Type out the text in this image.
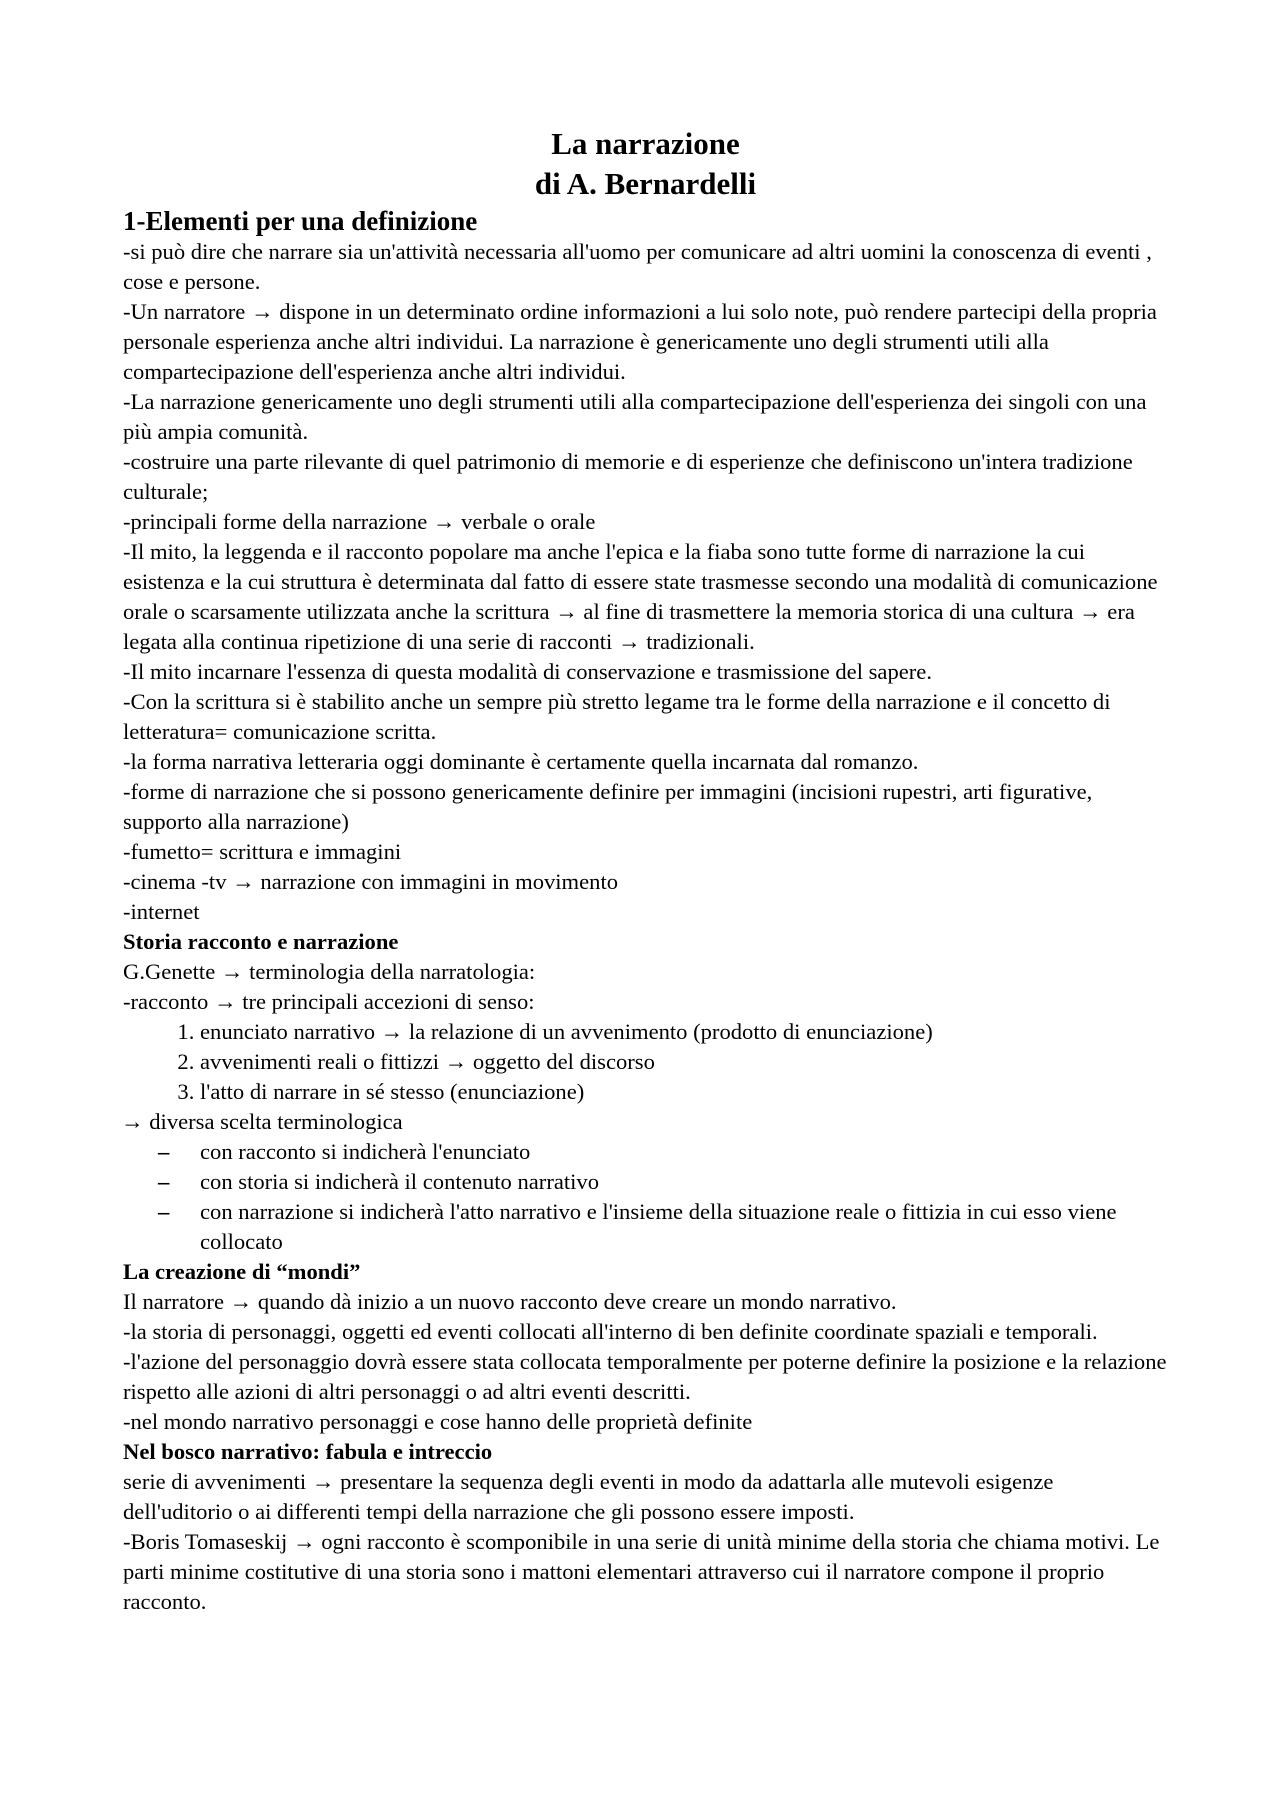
La narrazione
di A. Bernardelli
1-Elementi per una definizione

-si può dire che narrare sia un'attività necessaria all'uomo per comunicare ad altri uomini la conoscenza di eventi , cose e persone.

-Un narratore → dispone in un determinato ordine informazioni a lui solo note, può rendere partecipi della propria personale esperienza anche altri individui. La narrazione è genericamente uno degli strumenti utili alla compartecipazione dell'esperienza anche altri individui.

-La narrazione genericamente uno degli strumenti utili alla compartecipazione dell'esperienza dei singoli con una più ampia comunità.

-costruire una parte rilevante di quel patrimonio di memorie e di esperienze che definiscono un'intera tradizione culturale;

-principali forme della narrazione → verbale o orale

-Il mito, la leggenda e il racconto popolare ma anche l'epica e la fiaba sono tutte forme di narrazione la cui esistenza e la cui struttura è determinata dal fatto di essere state trasmesse secondo una modalità di comunicazione orale o scarsamente utilizzata anche la scrittura → al fine di trasmettere la memoria storica di una cultura → era legata alla continua ripetizione di una serie di racconti → tradizionali.

-Il mito incarnare l'essenza di questa modalità di conservazione e trasmissione del sapere.

-Con la scrittura si è stabilito anche un sempre più stretto legame tra le forme della narrazione e il concetto di letteratura= comunicazione scritta.

-la forma narrativa letteraria oggi dominante è certamente quella incarnata dal romanzo.

-forme di narrazione che si possono genericamente definire per immagini (incisioni rupestri, arti figurative, supporto alla narrazione)

-fumetto= scrittura e immagini

-cinema -tv → narrazione con immagini in movimento

-internet

Storia racconto e narrazione

G.Genette → terminologia della narratologia:

-racconto → tre principali accezioni di senso:

1. enunciato narrativo → la relazione di un avvenimento (prodotto di enunciazione)
2. avvenimenti reali o fittizzi → oggetto del discorso
3. l'atto di narrare in sé stesso (enunciazione)

→ diversa scelta terminologica

– con racconto si indicherà l'enunciato
– con storia si indicherà il contenuto narrativo
– con narrazione si indicherà l'atto narrativo e l'insieme della situazione reale o fittizia in cui esso viene collocato
La creazione di “mondi”

Il narratore → quando dà inizio a un nuovo racconto deve creare un mondo narrativo.

-la storia di personaggi, oggetti ed eventi collocati all'interno di ben definite coordinate spaziali e temporali.

-l'azione del personaggio dovrà essere stata collocata temporalmente per poterne definire la posizione e la relazione rispetto alle azioni di altri personaggi o ad altri eventi descritti.

-nel mondo narrativo personaggi e cose hanno delle proprietà definite

Nel bosco narrativo: fabula e intreccio

serie di avvenimenti → presentare la sequenza degli eventi in modo da adattarla alle mutevoli esigenze dell'uditorio o ai differenti tempi della narrazione che gli possono essere imposti.

-Boris Tomaseskij → ogni racconto è scomponibile in una serie di unità minime della storia che chiama motivi. Le parti minime costitutive di una storia sono i mattoni elementari attraverso cui il narratore compone il proprio racconto.
